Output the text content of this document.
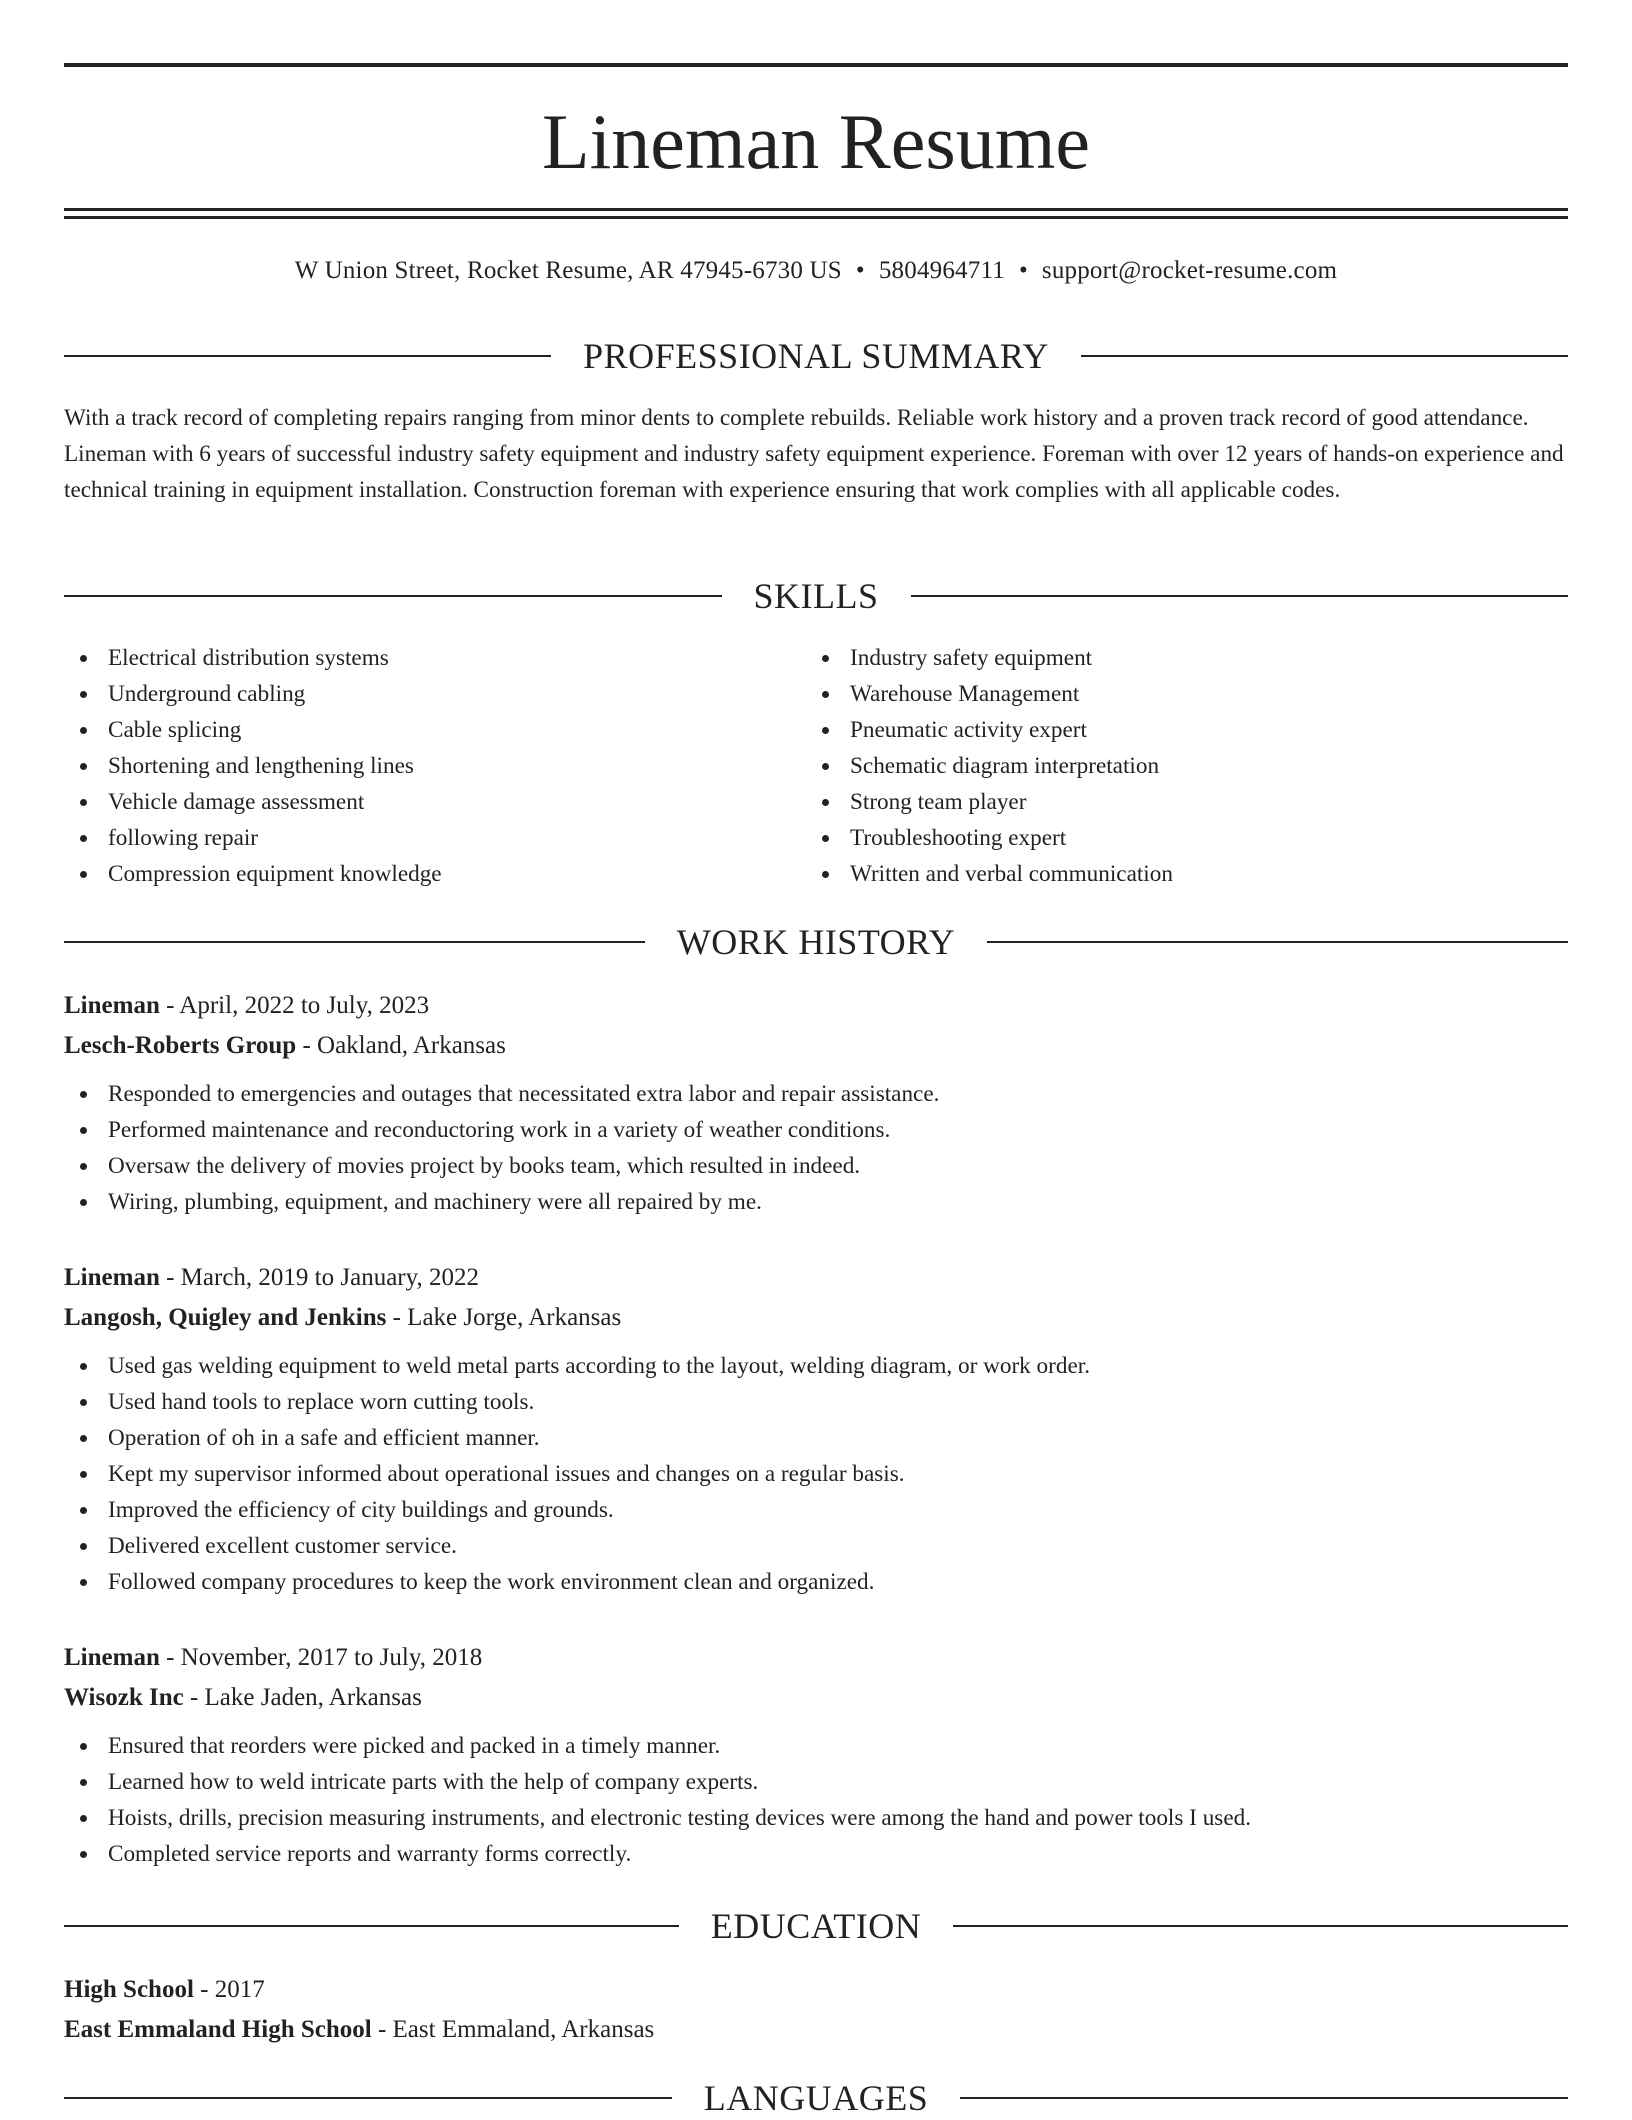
Lineman Resume
W Union Street, Rocket Resume, AR 47945-6730 US • 5804964711 • support@rocket-resume.com
PROFESSIONAL SUMMARY

With a track record of completing repairs ranging from minor dents to complete rebuilds. Reliable work history and a proven track record of good attendance. Lineman with 6 years of successful industry safety equipment and industry safety equipment experience. Foreman with over 12 years of hands-on experience and technical training in equipment installation. Construction foreman with experience ensuring that work complies with all applicable codes.

SKILLS
Electrical distribution systems
Underground cabling
Cable splicing
Shortening and lengthening lines
Vehicle damage assessment
following repair
Compression equipment knowledge
Industry safety equipment
Warehouse Management
Pneumatic activity expert
Schematic diagram interpretation
Strong team player
Troubleshooting expert
Written and verbal communication
WORK HISTORY
Lineman - April, 2022 to July, 2023
Lesch-Roberts Group - Oakland, Arkansas
Responded to emergencies and outages that necessitated extra labor and repair assistance.
Performed maintenance and reconductoring work in a variety of weather conditions.
Oversaw the delivery of movies project by books team, which resulted in indeed.
Wiring, plumbing, equipment, and machinery were all repaired by me.
Lineman - March, 2019 to January, 2022
Langosh, Quigley and Jenkins - Lake Jorge, Arkansas
Used gas welding equipment to weld metal parts according to the layout, welding diagram, or work order.
Used hand tools to replace worn cutting tools.
Operation of oh in a safe and efficient manner.
Kept my supervisor informed about operational issues and changes on a regular basis.
Improved the efficiency of city buildings and grounds.
Delivered excellent customer service.
Followed company procedures to keep the work environment clean and organized.
Lineman - November, 2017 to July, 2018
Wisozk Inc - Lake Jaden, Arkansas
Ensured that reorders were picked and packed in a timely manner.
Learned how to weld intricate parts with the help of company experts.
Hoists, drills, precision measuring instruments, and electronic testing devices were among the hand and power tools I used.
Completed service reports and warranty forms correctly.
EDUCATION
High School - 2017
East Emmaland High School - East Emmaland, Arkansas
LANGUAGES
